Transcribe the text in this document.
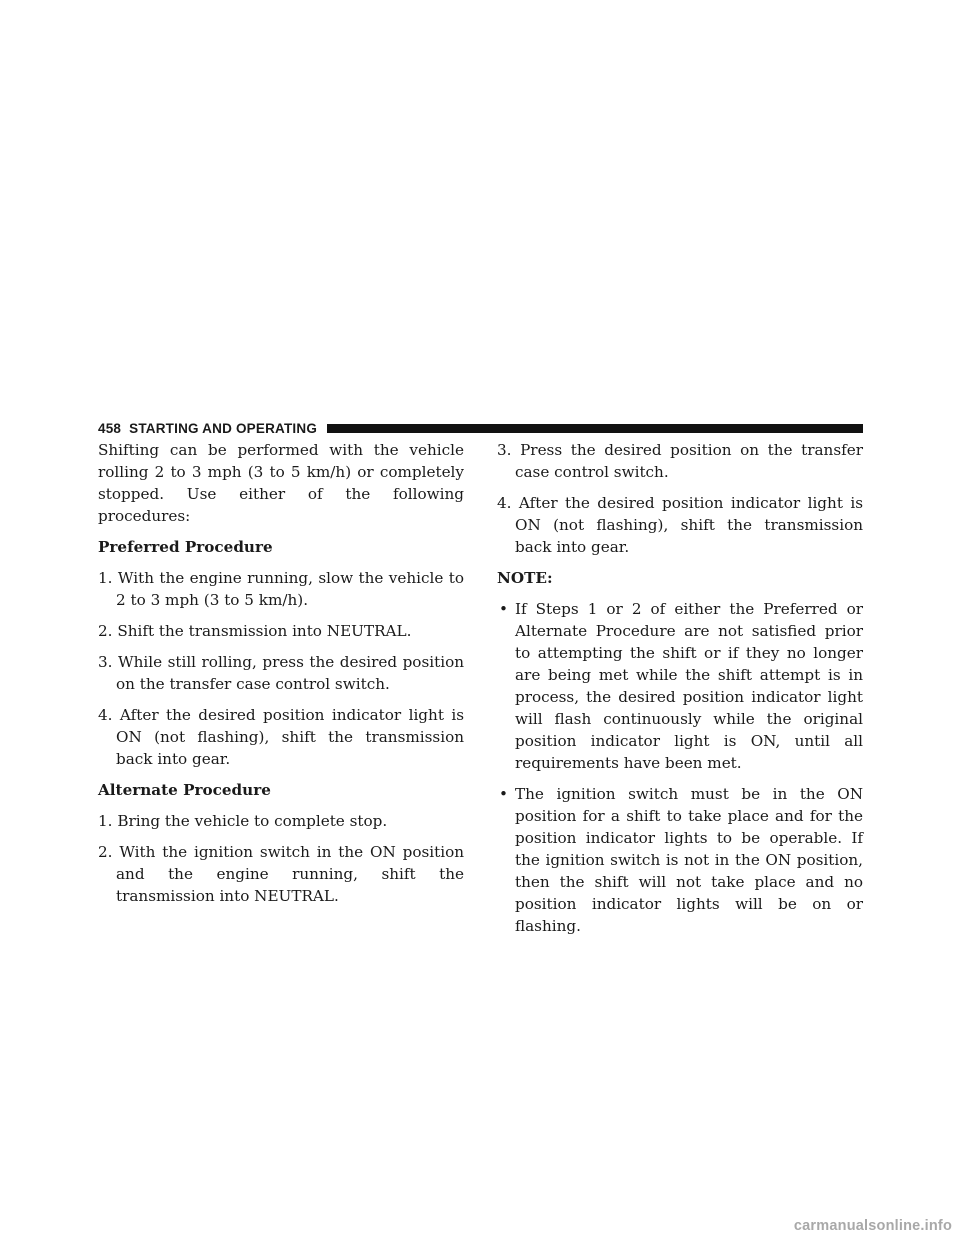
458 STARTING AND OPERATING

Shifting can be performed with the vehicle rolling 2 to 3 mph (3 to 5 km/h) or completely stopped. Use either of the following procedures:

Preferred Procedure

1. With the engine running, slow the vehicle to 2 to 3 mph (3 to 5 km/h).

2. Shift the transmission into NEUTRAL.

3. While still rolling, press the desired position on the transfer case control switch.

4. After the desired position indicator light is ON (not flashing), shift the transmission back into gear.

Alternate Procedure

1. Bring the vehicle to complete stop.

2. With the ignition switch in the ON position and the engine running, shift the transmission into NEUTRAL.

3. Press the desired position on the transfer case control switch.

4. After the desired position indicator light is ON (not flashing), shift the transmission back into gear.

NOTE:

• If Steps 1 or 2 of either the Preferred or Alternate Procedure are not satisfied prior to attempting the shift or if they no longer are being met while the shift attempt is in process, the desired position indicator light will flash continuously while the original position indicator light is ON, until all requirements have been met.
• The ignition switch must be in the ON position for a shift to take place and for the position indicator lights to be operable. If the ignition switch is not in the ON position, then the shift will not take place and no position indicator lights will be on or flashing.
carmanualsonline.info
